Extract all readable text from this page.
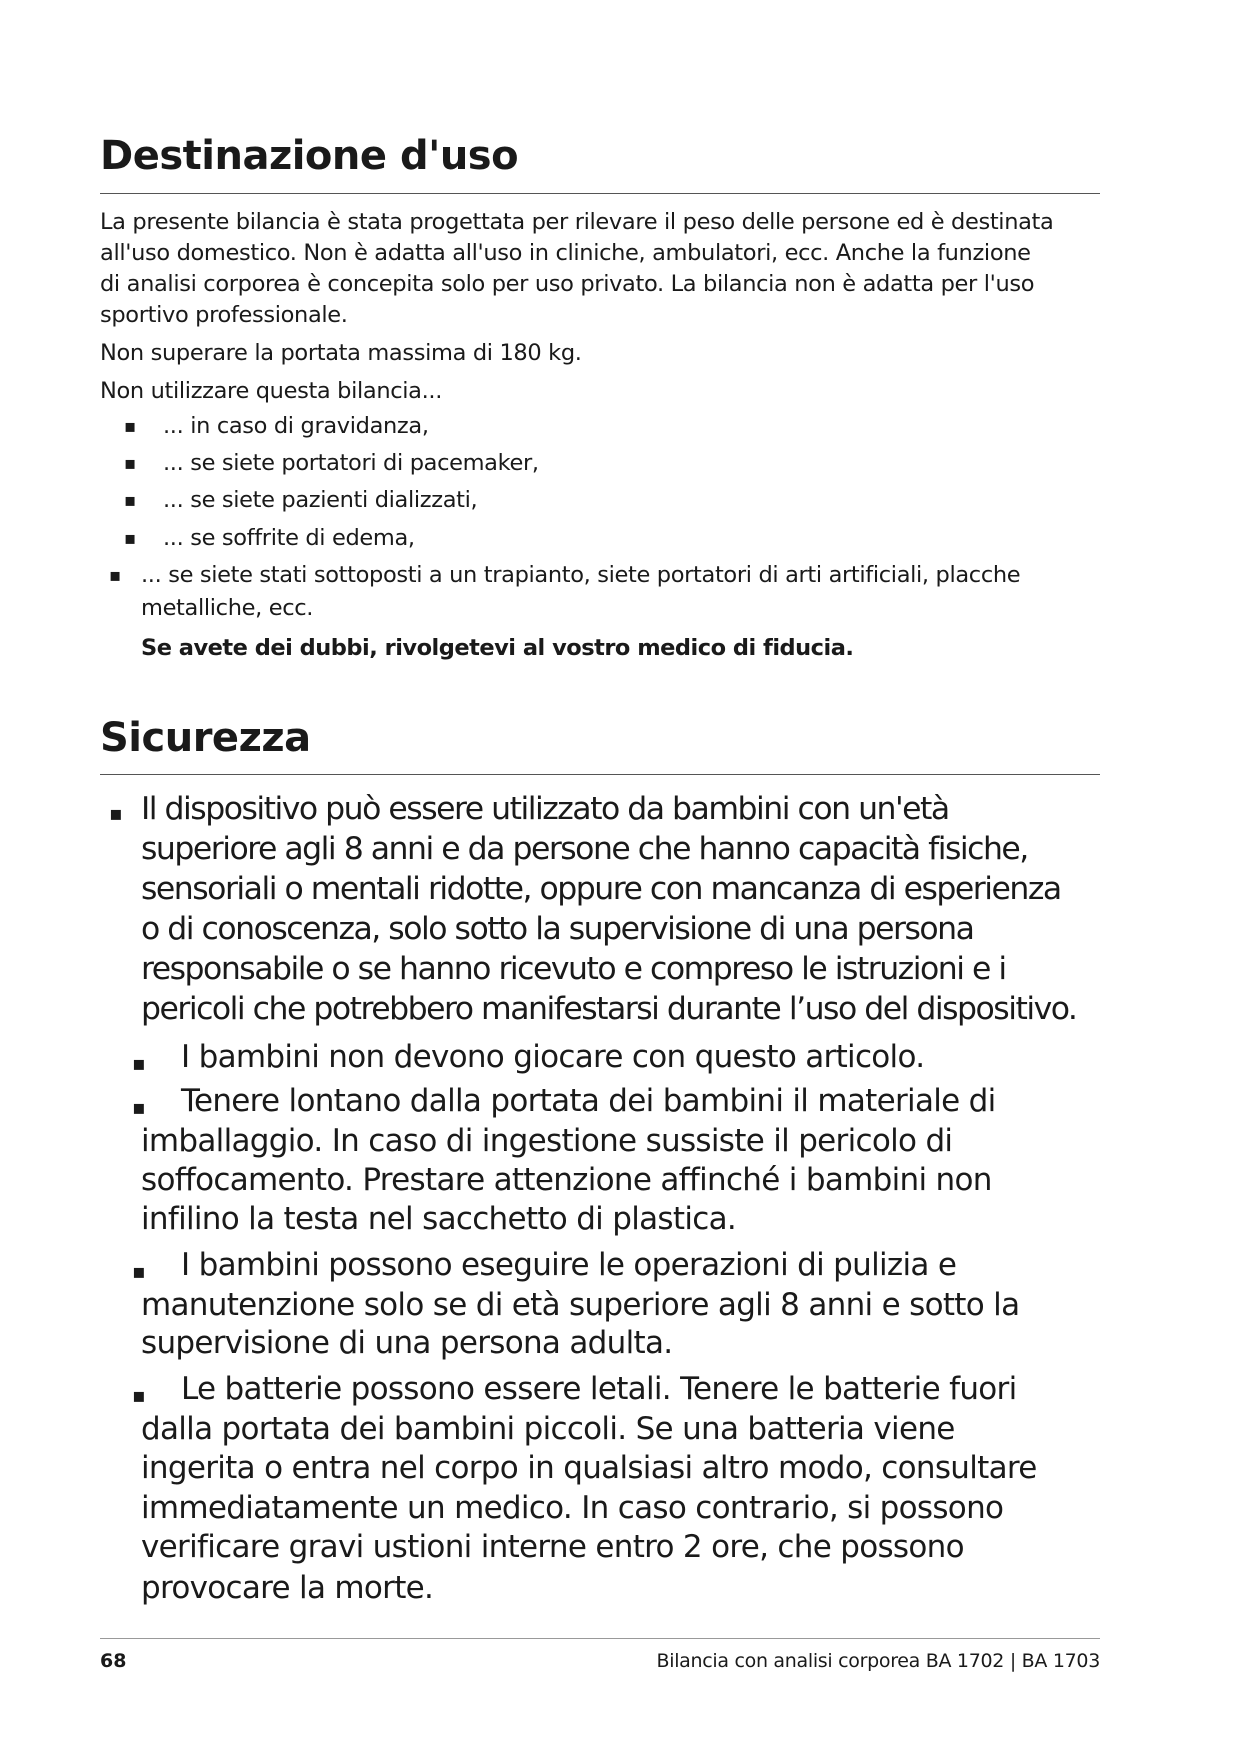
Destinazione d'uso

La presente bilancia è stata progettata per rilevare il peso delle persone ed è destinata

all'uso domestico. Non è adatta all'uso in cliniche, ambulatori, ecc. Anche la funzione

di analisi corporea è concepita solo per uso privato. La bilancia non è adatta per l'uso

sportivo professionale.

Non superare la portata massima di 180 kg.

Non utilizzare questa bilancia...

▪ ... in caso di gravidanza,

▪ ... se siete portatori di pacemaker,

▪ ... se siete pazienti dializzati,

▪ ... se soffrite di edema,

▪ ... se siete stati sottoposti a un trapianto, siete portatori di arti artificiali, placche

metalliche, ecc.

Se avete dei dubbi, rivolgetevi al vostro medico di fiducia.

Sicurezza
▪ Il dispositivo può essere utilizzato da bambini con un'età

superiore agli 8 anni e da persone che hanno capacità fisiche,

sensoriali o mentali ridotte, oppure con mancanza di esperienza

o di conoscenza, solo sotto la supervisione di una persona

responsabile o se hanno ricevuto e compreso le istruzioni e i

pericoli che potrebbero manifestarsi durante l’uso del dispositivo.

▪ I bambini non devono giocare con questo articolo.

▪ Tenere lontano dalla portata dei bambini il materiale di

imballaggio. In caso di ingestione sussiste il pericolo di

soffocamento. Prestare attenzione affinché i bambini non

infilino la testa nel sacchetto di plastica.

▪ I bambini possono eseguire le operazioni di pulizia e

manutenzione solo se di età superiore agli 8 anni e sotto la

supervisione di una persona adulta.

▪ Le batterie possono essere letali. Tenere le batterie fuori

dalla portata dei bambini piccoli. Se una batteria viene

ingerita o entra nel corpo in qualsiasi altro modo, consultare

immediatamente un medico. In caso contrario, si possono

verificare gravi ustioni interne entro 2 ore, che possono

provocare la morte.

68	Bilancia con analisi corporea BA 1702 | BA 1703
